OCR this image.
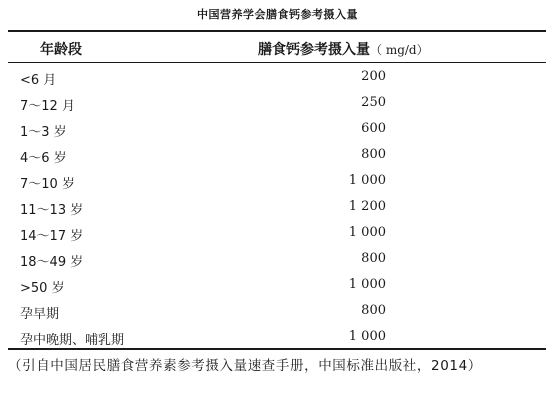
中国营养学会膳食钙参考摄入量
年龄段	膳食钙参考摄入量（ mg/d）
<6 月	200
7～12 月	250
1～3 岁	600
4～6 岁	800
7～10 岁	1 000
11～13 岁	1 200
14～17 岁	1 000
18～49 岁	800
>50 岁	1 000
孕早期	800
孕中晚期、哺乳期	1 000
（引自中国居民膳食营养素参考摄入量速查手册，中国标准出版社，2014）
